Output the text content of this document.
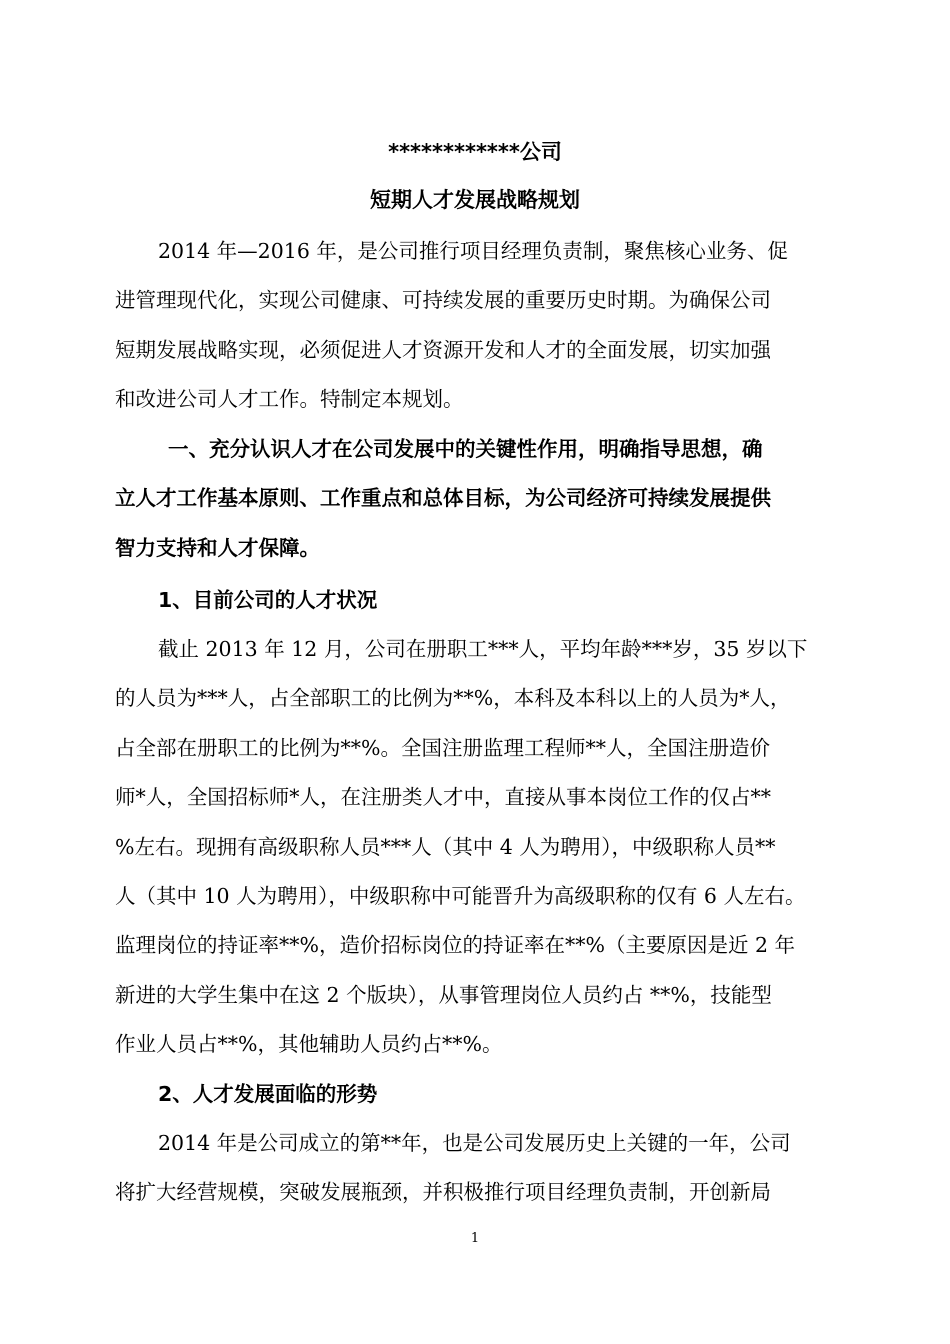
************公司
短期人才发展战略规划
2014 年—2016 年，是公司推行项目经理负责制，聚焦核心业务、促
进管理现代化，实现公司健康、可持续发展的重要历史时期。为确保公司
短期发展战略实现，必须促进人才资源开发和人才的全面发展，切实加强
和改进公司人才工作。特制定本规划。
一、充分认识人才在公司发展中的关键性作用，明确指导思想，确
立人才工作基本原则、工作重点和总体目标，为公司经济可持续发展提供
智力支持和人才保障。
1、目前公司的人才状况
截止 2013 年 12 月，公司在册职工***人，平均年龄***岁，35 岁以下
的人员为***人，占全部职工的比例为**%，本科及本科以上的人员为*人，
占全部在册职工的比例为**%。全国注册监理工程师**人，全国注册造价
师*人，全国招标师*人，在注册类人才中，直接从事本岗位工作的仅占**
%左右。现拥有高级职称人员***人（其中 4 人为聘用），中级职称人员**
人（其中 10 人为聘用），中级职称中可能晋升为高级职称的仅有 6 人左右。
监理岗位的持证率**%，造价招标岗位的持证率在**%（主要原因是近 2 年
新进的大学生集中在这 2 个版块），从事管理岗位人员约占 **%，技能型
作业人员占**%，其他辅助人员约占**%。
2、人才发展面临的形势
2014 年是公司成立的第**年，也是公司发展历史上关键的一年，公司
将扩大经营规模，突破发展瓶颈，并积极推行项目经理负责制，开创新局
1
